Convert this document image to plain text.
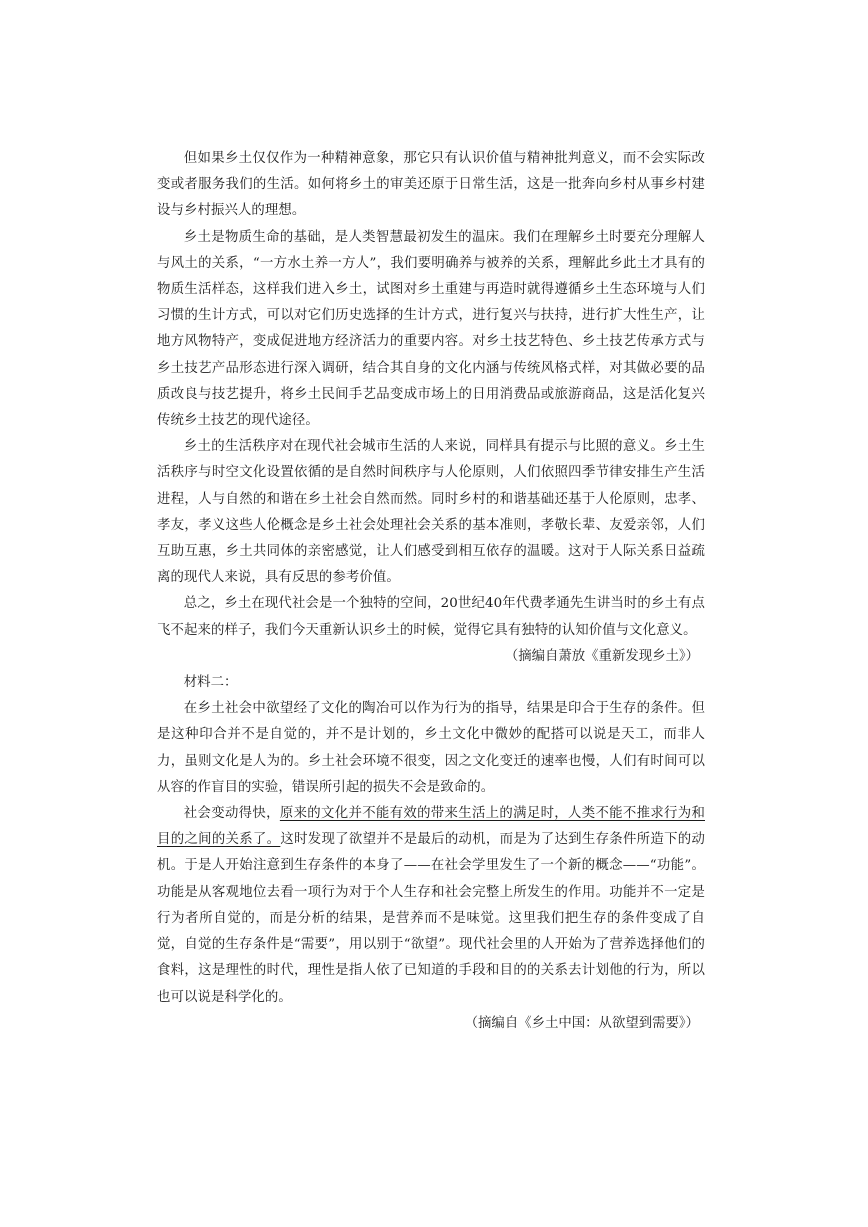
但如果乡土仅仅作为一种精神意象，那它只有认识价值与精神批判意义，而不会实际改变或者服务我们的生活。如何将乡土的审美还原于日常生活，这是一批奔向乡村从事乡村建设与乡村振兴人的理想。

乡土是物质生命的基础，是人类智慧最初发生的温床。我们在理解乡土时要充分理解人与风土的关系，“一方水土养一方人”，我们要明确养与被养的关系，理解此乡此土才具有的物质生活样态，这样我们进入乡土，试图对乡土重建与再造时就得遵循乡土生态环境与人们习惯的生计方式，可以对它们历史选择的生计方式，进行复兴与扶持，进行扩大性生产，让地方风物特产，变成促进地方经济活力的重要内容。对乡土技艺特色、乡土技艺传承方式与乡土技艺产品形态进行深入调研，结合其自身的文化内涵与传统风格式样，对其做必要的品质改良与技艺提升，将乡土民间手艺品变成市场上的日用消费品或旅游商品，这是活化复兴传统乡土技艺的现代途径。

乡土的生活秩序对在现代社会城市生活的人来说，同样具有提示与比照的意义。乡土生活秩序与时空文化设置依循的是自然时间秩序与人伦原则，人们依照四季节律安排生产生活进程，人与自然的和谐在乡土社会自然而然。同时乡村的和谐基础还基于人伦原则，忠孝、孝友，孝义这些人伦概念是乡土社会处理社会关系的基本准则，孝敬长辈、友爱亲邻，人们互助互惠，乡土共同体的亲密感觉，让人们感受到相互依存的温暖。这对于人际关系日益疏离的现代人来说，具有反思的参考价值。

总之，乡土在现代社会是一个独特的空间，20世纪40年代费孝通先生讲当时的乡土有点飞不起来的样子，我们今天重新认识乡土的时候，觉得它具有独特的认知价值与文化意义。

（摘编自萧放《重新发现乡土》）

材料二：

在乡土社会中欲望经了文化的陶冶可以作为行为的指导，结果是印合于生存的条件。但是这种印合并不是自觉的，并不是计划的，乡土文化中微妙的配搭可以说是天工，而非人力，虽则文化是人为的。乡土社会环境不很变，因之文化变迁的速率也慢，人们有时间可以从容的作盲目的实验，错误所引起的损失不会是致命的。

社会变动得快，原来的文化并不能有效的带来生活上的满足时，人类不能不推求行为和目的之间的关系了。这时发现了欲望并不是最后的动机，而是为了达到生存条件所造下的动机。于是人开始注意到生存条件的本身了——在社会学里发生了一个新的概念——“功能”。功能是从客观地位去看一项行为对于个人生存和社会完整上所发生的作用。功能并不一定是行为者所自觉的，而是分析的结果，是营养而不是味觉。这里我们把生存的条件变成了自觉，自觉的生存条件是“需要”，用以别于“欲望”。现代社会里的人开始为了营养选择他们的食料，这是理性的时代，理性是指人依了已知道的手段和目的的关系去计划他的行为，所以也可以说是科学化的。

（摘编自《乡土中国：从欲望到需要》）
